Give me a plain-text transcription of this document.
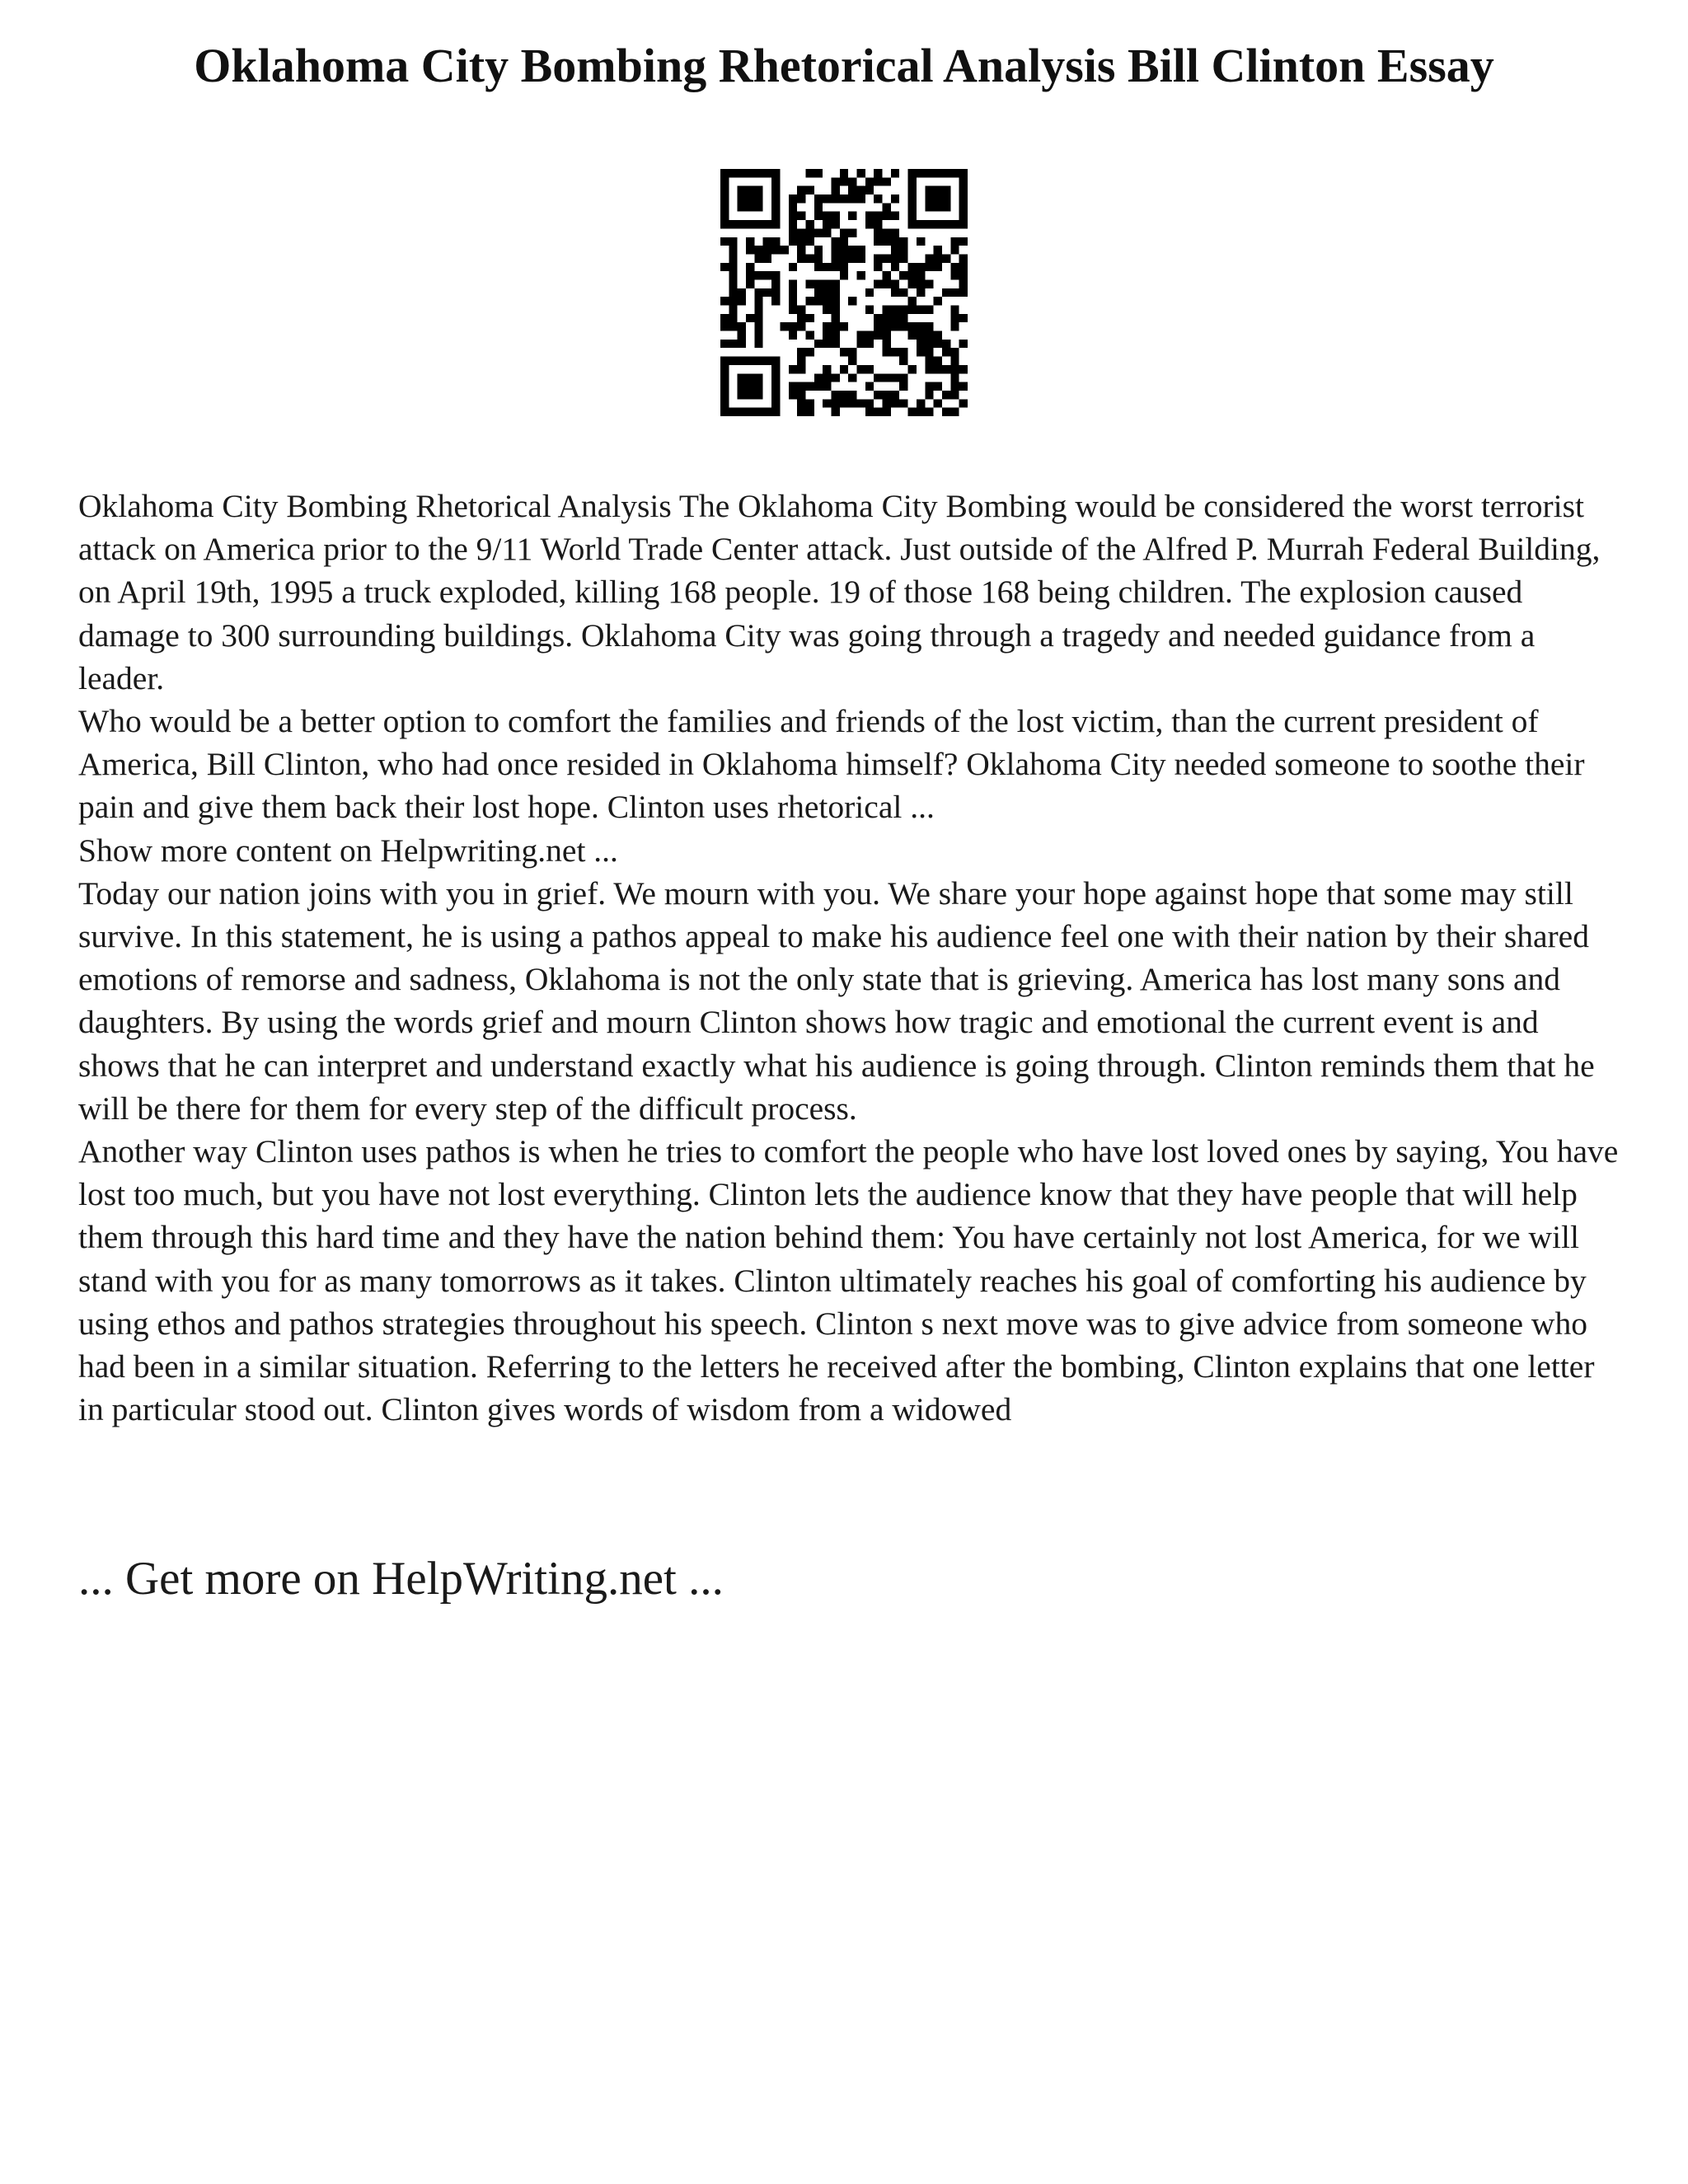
Oklahoma City Bombing Rhetorical Analysis Bill Clinton Essay

Oklahoma City Bombing Rhetorical Analysis The Oklahoma City Bombing would be considered the worst terrorist attack on America prior to the 9/11 World Trade Center attack. Just outside of the Alfred P. Murrah Federal Building, on April 19th, 1995 a truck exploded, killing 168 people. 19 of those 168 being children. The explosion caused damage to 300 surrounding buildings. Oklahoma City was going through a tragedy and needed guidance from a leader.

Who would be a better option to comfort the families and friends of the lost victim, than the current president of America, Bill Clinton, who had once resided in Oklahoma himself? Oklahoma City needed someone to soothe their pain and give them back their lost hope. Clinton uses rhetorical ...

Show more content on Helpwriting.net ...

Today our nation joins with you in grief. We mourn with you. We share your hope against hope that some may still survive. In this statement, he is using a pathos appeal to make his audience feel one with their nation by their shared emotions of remorse and sadness, Oklahoma is not the only state that is grieving. America has lost many sons and daughters. By using the words grief and mourn Clinton shows how tragic and emotional the current event is and shows that he can interpret and understand exactly what his audience is going through. Clinton reminds them that he will be there for them for every step of the difficult process.

Another way Clinton uses pathos is when he tries to comfort the people who have lost loved ones by saying, You have lost too much, but you have not lost everything. Clinton lets the audience know that they have people that will help them through this hard time and they have the nation behind them: You have certainly not lost America, for we will stand with you for as many tomorrows as it takes. Clinton ultimately reaches his goal of comforting his audience by using ethos and pathos strategies throughout his speech. Clinton s next move was to give advice from someone who had been in a similar situation. Referring to the letters he received after the bombing, Clinton explains that one letter in particular stood out. Clinton gives words of wisdom from a widowed

... Get more on HelpWriting.net ...
